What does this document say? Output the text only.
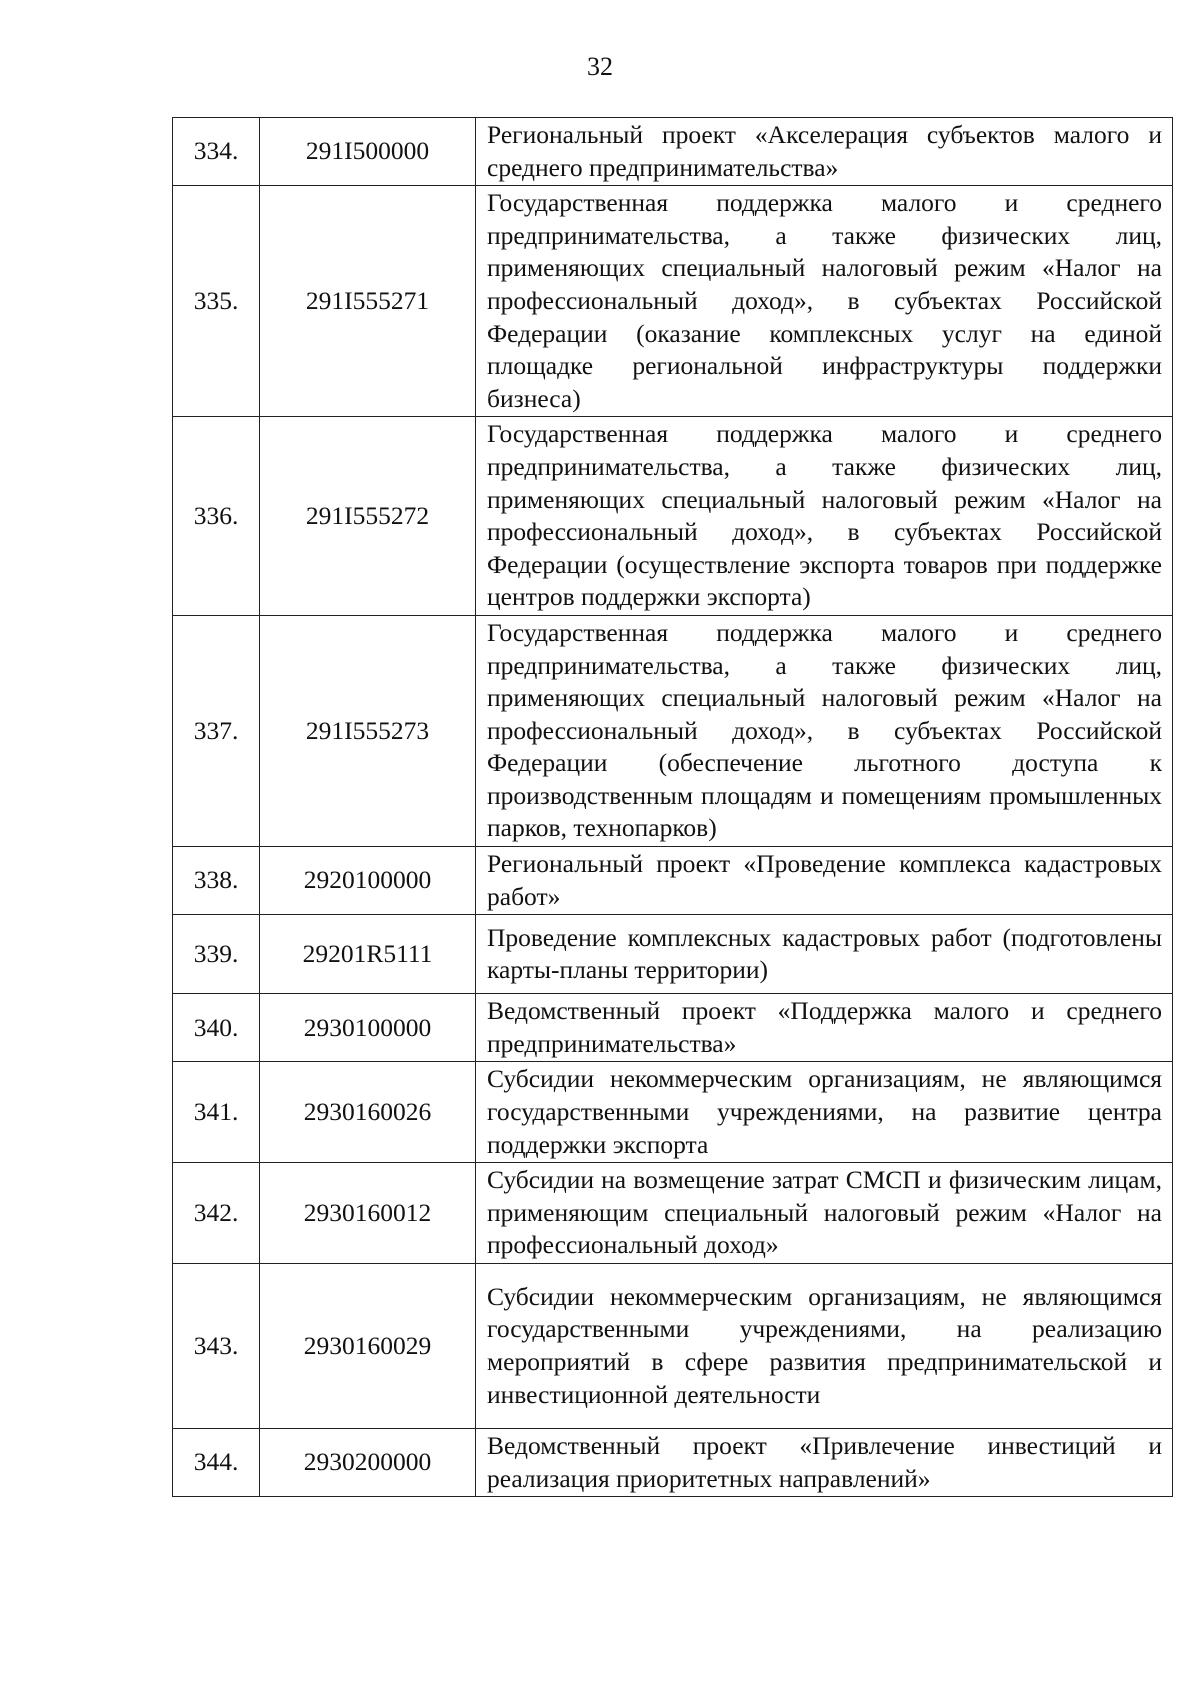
32
334.	291I500000	Региональный проект «Акселерация субъектов малого и среднего предпринимательства»

335.	291I555271	Государственная поддержка малого и среднего предпринимательства, а также физических лиц, применяющих специальный налоговый режим «Налог на профессиональный доход», в субъектах Российской Федерации (оказание комплексных услуг на единой площадке региональной инфраструктуры поддержки бизнеса)

336.	291I555272	Государственная поддержка малого и среднего предпринимательства, а также физических лиц, применяющих специальный налоговый режим «Налог на профессиональный доход», в субъектах Российской Федерации (осуществление экспорта товаров при поддержке центров поддержки экспорта)

337.	291I555273	Государственная поддержка малого и среднего предпринимательства, а также физических лиц, применяющих специальный налоговый режим «Налог на профессиональный доход», в субъектах Российской Федерации (обеспечение льготного доступа к производственным площадям и помещениям промышленных парков, технопарков)

338.	2920100000	Региональный проект «Проведение комплекса кадастровых работ»

339.	29201R5111	Проведение комплексных кадастровых работ (подготовлены карты-планы территории)

340.	2930100000	Ведомственный проект «Поддержка малого и среднего предпринимательства»

341.	2930160026	Субсидии некоммерческим организациям, не являющимся государственными учреждениями, на развитие центра поддержки экспорта

342.	2930160012	Субсидии на возмещение затрат СМСП и физическим лицам, применяющим специальный налоговый режим «Налог на профессиональный доход»

343.	2930160029	Субсидии некоммерческим организациям, не являющимся государственными учреждениями, на реализацию мероприятий в сфере развития предпринимательской и инвестиционной деятельности

344.	2930200000	Ведомственный проект «Привлечение инвестиций и реализация приоритетных направлений»
